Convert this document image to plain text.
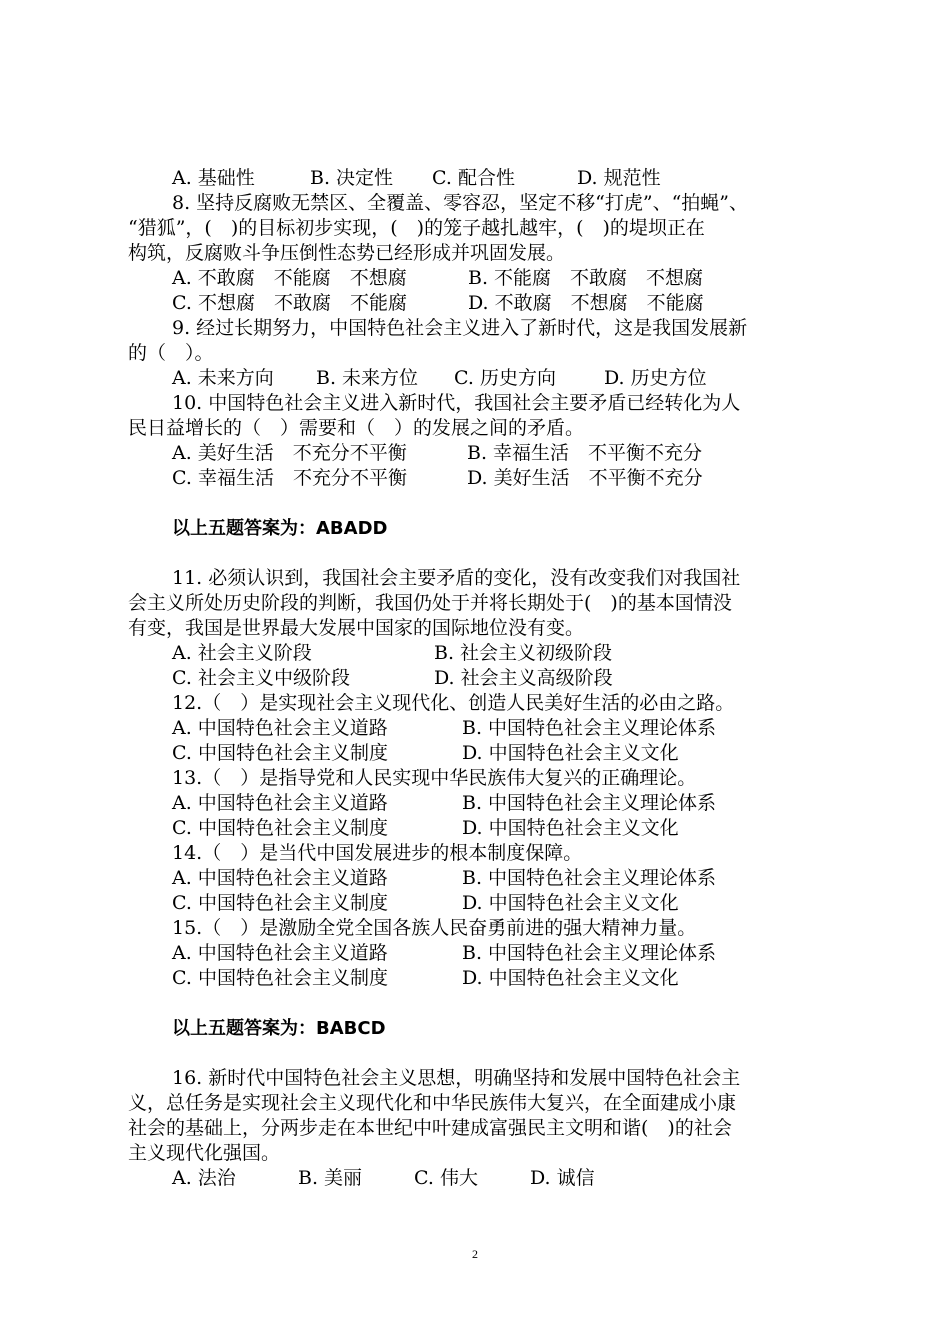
A. 基础性	B. 决定性	C. 配合性	D. 规范性
8. 坚持反腐败无禁区、全覆盖、零容忍，坚定不移“打虎”、“拍蝇”、
“猎狐”，(　)的目标初步实现，(　)的笼子越扎越牢，(　)的堤坝正在
构筑，反腐败斗争压倒性态势已经形成并巩固发展。
A. 不敢腐　不能腐　不想腐	B. 不能腐　不敢腐　不想腐
C. 不想腐　不敢腐　不能腐	D. 不敢腐　不想腐　不能腐
9. 经过长期努力，中国特色社会主义进入了新时代，这是我国发展新
的（　）。
A. 未来方向	B. 未来方位	C. 历史方向	D. 历史方位
10. 中国特色社会主义进入新时代，我国社会主要矛盾已经转化为人
民日益增长的（　）需要和（　）的发展之间的矛盾。
A. 美好生活　不充分不平衡	B. 幸福生活　不平衡不充分
C. 幸福生活　不充分不平衡	D. 美好生活　不平衡不充分
以上五题答案为：ABADD
11. 必须认识到，我国社会主要矛盾的变化，没有改变我们对我国社
会主义所处历史阶段的判断，我国仍处于并将长期处于(　)的基本国情没
有变，我国是世界最大发展中国家的国际地位没有变。
A. 社会主义阶段	B. 社会主义初级阶段
C. 社会主义中级阶段	D. 社会主义高级阶段
12.（　）是实现社会主义现代化、创造人民美好生活的必由之路。
A. 中国特色社会主义道路	B. 中国特色社会主义理论体系
C. 中国特色社会主义制度	D. 中国特色社会主义文化
13.（　）是指导党和人民实现中华民族伟大复兴的正确理论。
A. 中国特色社会主义道路	B. 中国特色社会主义理论体系
C. 中国特色社会主义制度	D. 中国特色社会主义文化
14.（　）是当代中国发展进步的根本制度保障。
A. 中国特色社会主义道路	B. 中国特色社会主义理论体系
C. 中国特色社会主义制度	D. 中国特色社会主义文化
15.（　）是激励全党全国各族人民奋勇前进的强大精神力量。
A. 中国特色社会主义道路	B. 中国特色社会主义理论体系
C. 中国特色社会主义制度	D. 中国特色社会主义文化
以上五题答案为：BABCD
16. 新时代中国特色社会主义思想，明确坚持和发展中国特色社会主
义，总任务是实现社会主义现代化和中华民族伟大复兴，在全面建成小康
社会的基础上，分两步走在本世纪中叶建成富强民主文明和谐(　)的社会
主义现代化强国。
A. 法治	B. 美丽	C. 伟大	D. 诚信
2
